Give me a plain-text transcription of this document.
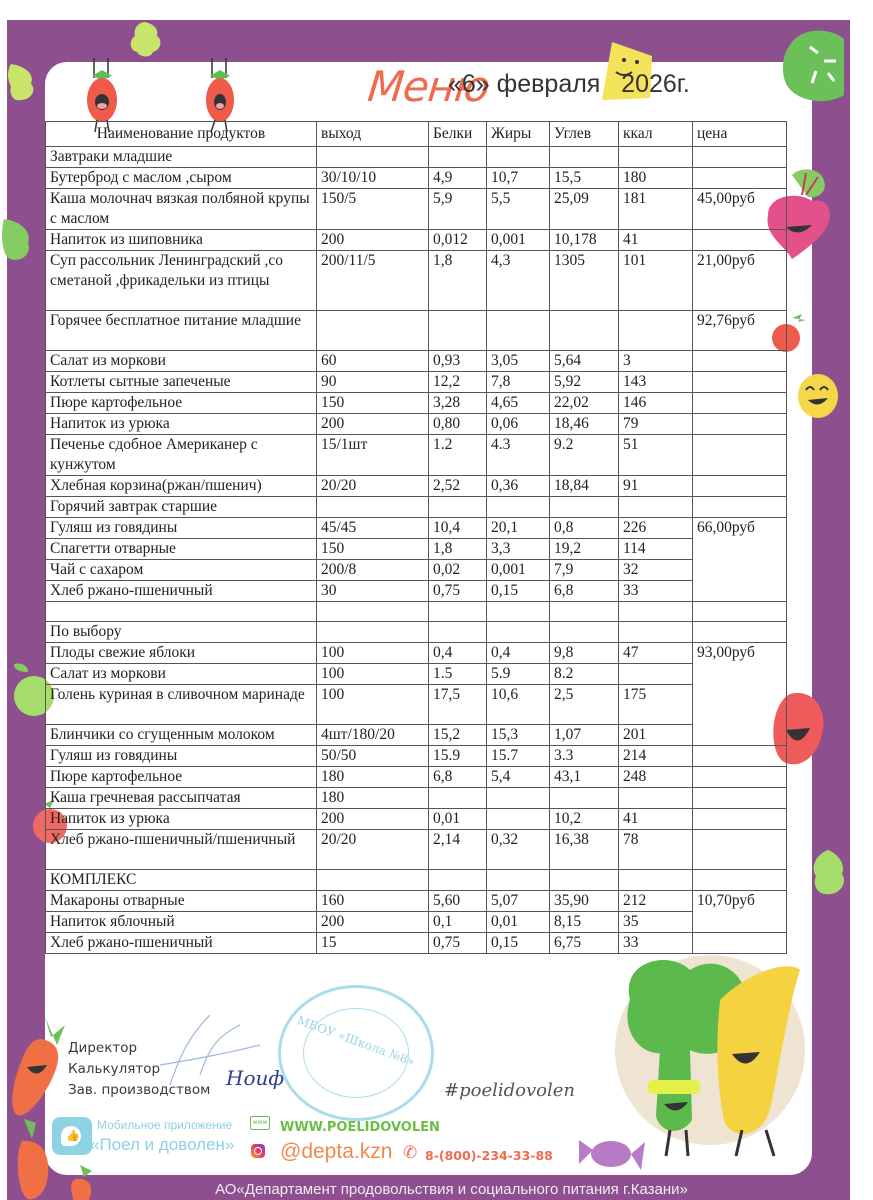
Меню
«6» февраля   2026г.
Наименование продуктов	выход	Белки	Жиры	Углев	ккал	цена
Завтраки младшие						
Бутерброд с маслом ,сыром	30/10/10	4,9	10,7	15,5	180	
Каша молочнач вязкая полбяной крупы с маслом	150/5	5,9	5,5	25,09	181	45,00руб
Напиток из шиповника	200	0,012	0,001	10,178	41	
Суп рассольник Ленинградский ,со сметаной ,фрикадельки из птицы	200/11/5	1,8	4,3	1305	101	21,00руб
Горячее бесплатное питание младшие						92,76руб
Салат из моркови	60	0,93	3,05	5,64	3	
Котлеты сытные запеченые	90	12,2	7,8	5,92	143	
Пюре картофельное	150	3,28	4,65	22,02	146	
Напиток из урюка	200	0,80	0,06	18,46	79	
Печенье сдобное Американер с кунжутом	15/1шт	1.2	4.3	9.2	51	
Хлебная корзина(ржан/пшенич)	20/20	2,52	0,36	18,84	91	
Горячий завтрак старшие						
Гуляш из говядины	45/45	10,4	20,1	0,8	226	66,00руб
Спагетти отварные	150	1,8	3,3	19,2	114	
Чай с сахаром	200/8	0,02	0,001	7,9	32	
Хлеб ржано-пшеничный	30	0,75	0,15	6,8	33	

По выбору						
Плоды свежие яблоки	100	0,4	0,4	9,8	47	93,00руб
Салат из моркови	100	1.5	5.9	8.2		
Голень куриная в сливочном маринаде	100	17,5	10,6	2,5	175	
Блинчики со сгущенным молоком	4шт/180/20	15,2	15,3	1,07	201	
Гуляш из говядины	50/50	15.9	15.7	3.3	214	
Пюре картофельное	180	6,8	5,4	43,1	248	
Каша гречневая рассыпчатая	180					
Напиток из урюка	200	0,01		10,2	41	
Хлеб ржано-пшеничный/пшеничный	20/20	2,14	0,32	16,38	78	
КОМПЛЕКС						
Макароны отварные	160	5,60	5,07	35,90	212	10,70руб
Напиток яблочный	200	0,1	0,01	8,15	35	
Хлеб ржано-пшеничный	15	0,75	0,15	6,75	33	
Директор
Калькулятор
Зав. производством Ноиф
МБОУ «Школа №8»
#poelidovolen
👍
Мобильное приложение
«Поел и доволен»
www WWW.POELIDOVOLEN
@depta.kzn ✆ 8-(800)-234-33-88
АО«Департамент продовольствия и социального питания г.Казани»
